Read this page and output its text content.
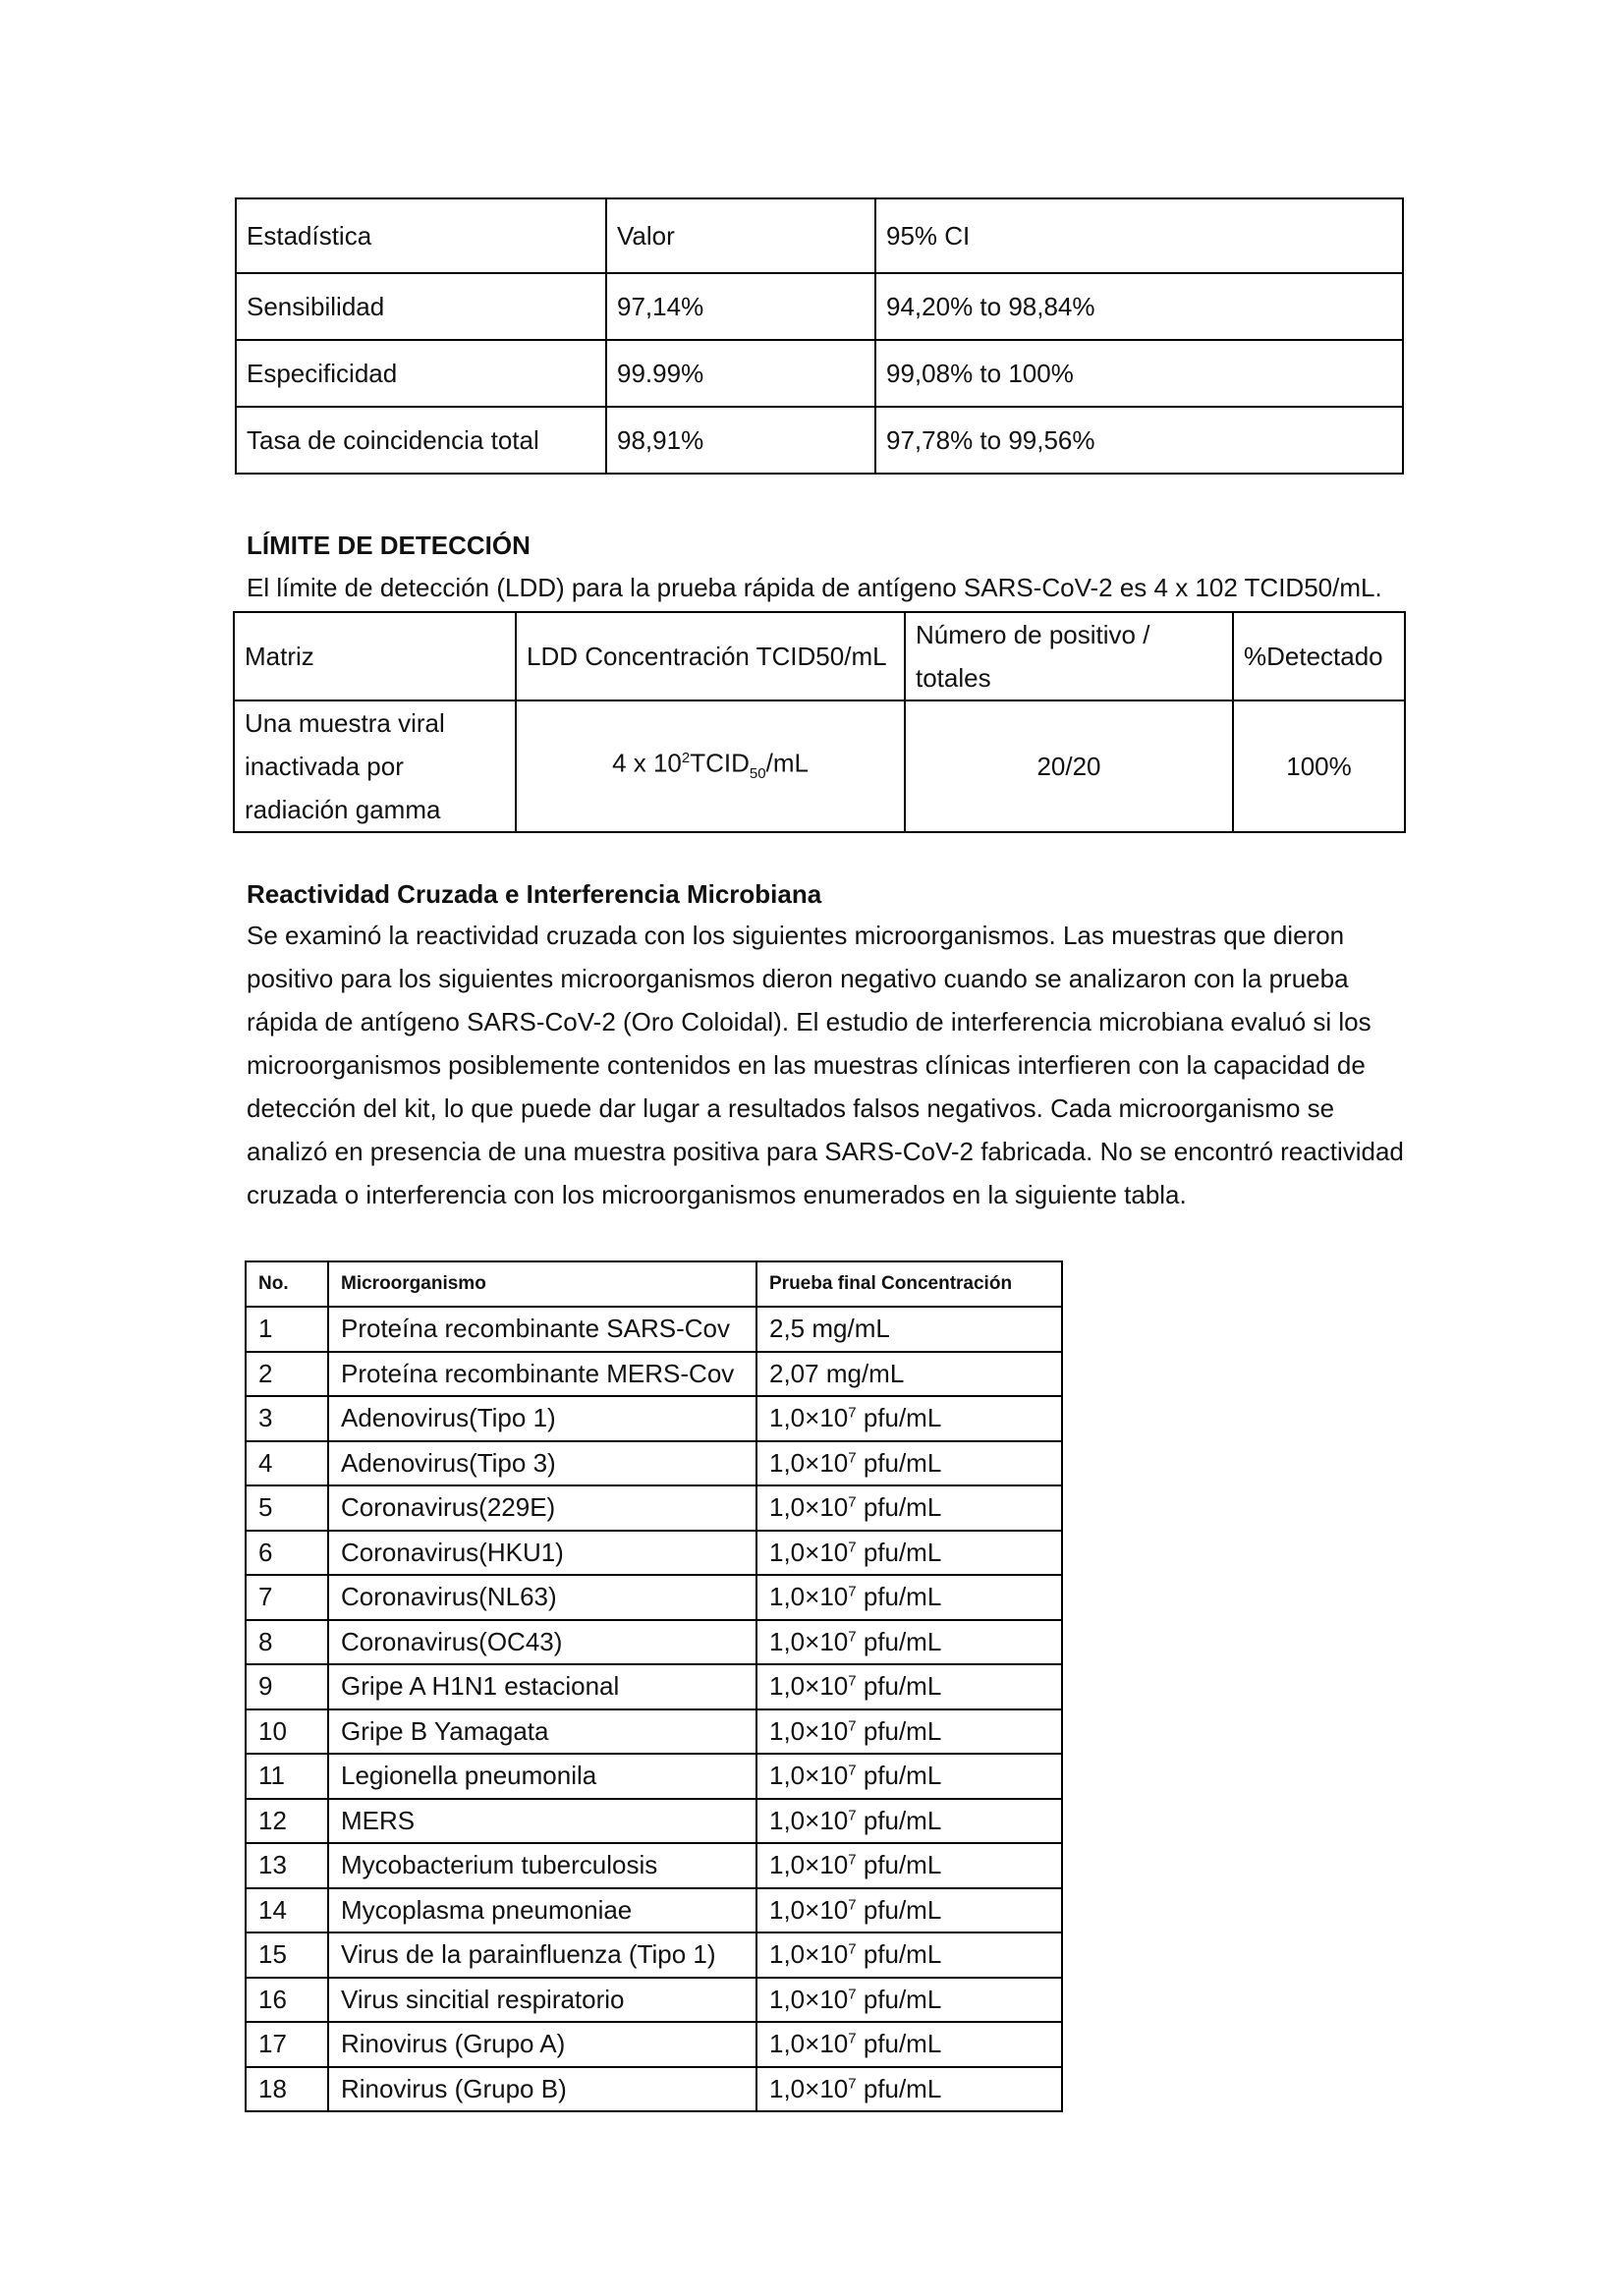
Estadística	Valor	95% CI
Sensibilidad	97,14%	94,20% to 98,84%
Especificidad	99.99%	99,08% to 100%
Tasa de coincidencia total	98,91%	97,78% to 99,56%

LÍMITE DE DETECCIÓN

El límite de detección (LDD) para la prueba rápida de antígeno SARS-CoV-2 es 4 x 102 TCID50/mL.

Matriz	LDD Concentración TCID50/mL	Número de positivo / totales	%Detectado
Una muestra viral inactivada por radiación gamma	4 x $10^2TCID_{50}/mL$	20/20	100%

Reactividad Cruzada e Interferencia Microbiana

Se examinó la reactividad cruzada con los siguientes microorganismos. Las muestras que dieron positivo para los siguientes microorganismos dieron negativo cuando se analizaron con la prueba rápida de antígeno SARS-CoV-2 (Oro Coloidal). El estudio de interferencia microbiana evaluó si los microorganismos posiblemente contenidos en las muestras clínicas interfieren con la capacidad de detección del kit, lo que puede dar lugar a resultados falsos negativos. Cada microorganismo se analizó en presencia de una muestra positiva para SARS-CoV-2 fabricada. No se encontró reactividad cruzada o interferencia con los microorganismos enumerados en la siguiente tabla.

No.	Microorganismo	Prueba final Concentración
1	Proteína recombinante SARS-Cov	2,5 mg/mL
2	Proteína recombinante MERS-Cov	2,07 mg/mL
3	Adenovirus(Tipo 1)	$1,0\times 10^7$ pfu/mL
4	Adenovirus(Tipo 3)	$1,0\times 10^7$ pfu/mL
5	Coronavirus(229E)	$1,0\times 10^7$ pfu/mL
6	Coronavirus(HKU1)	$1,0\times 10^7$ pfu/mL
7	Coronavirus(NL63)	$1,0\times 10^7$ pfu/mL
8	Coronavirus(OC43)	$1,0\times 10^7$ pfu/mL
9	Gripe A H1N1 estacional	$1,0\times 10^7$ pfu/mL
10	Gripe B Yamagata	$1,0\times 10^7$ pfu/mL
11	Legionella pneumonila	$1,0\times 10^7$ pfu/mL
12	MERS	$1,0\times 10^7$ pfu/mL
13	Mycobacterium tuberculosis	$1,0\times 10^7$ pfu/mL
14	Mycoplasma pneumoniae	$1,0\times 10^7$ pfu/mL
15	Virus de la parainfluenza (Tipo 1)	$1,0\times 10^7$ pfu/mL
16	Virus sincitial respiratorio	$1,0\times 10^7$ pfu/mL
17	Rinovirus (Grupo A)	$1,0\times 10^7$ pfu/mL
18	Rinovirus (Grupo B)	$1,0\times 10^7$ pfu/mL
